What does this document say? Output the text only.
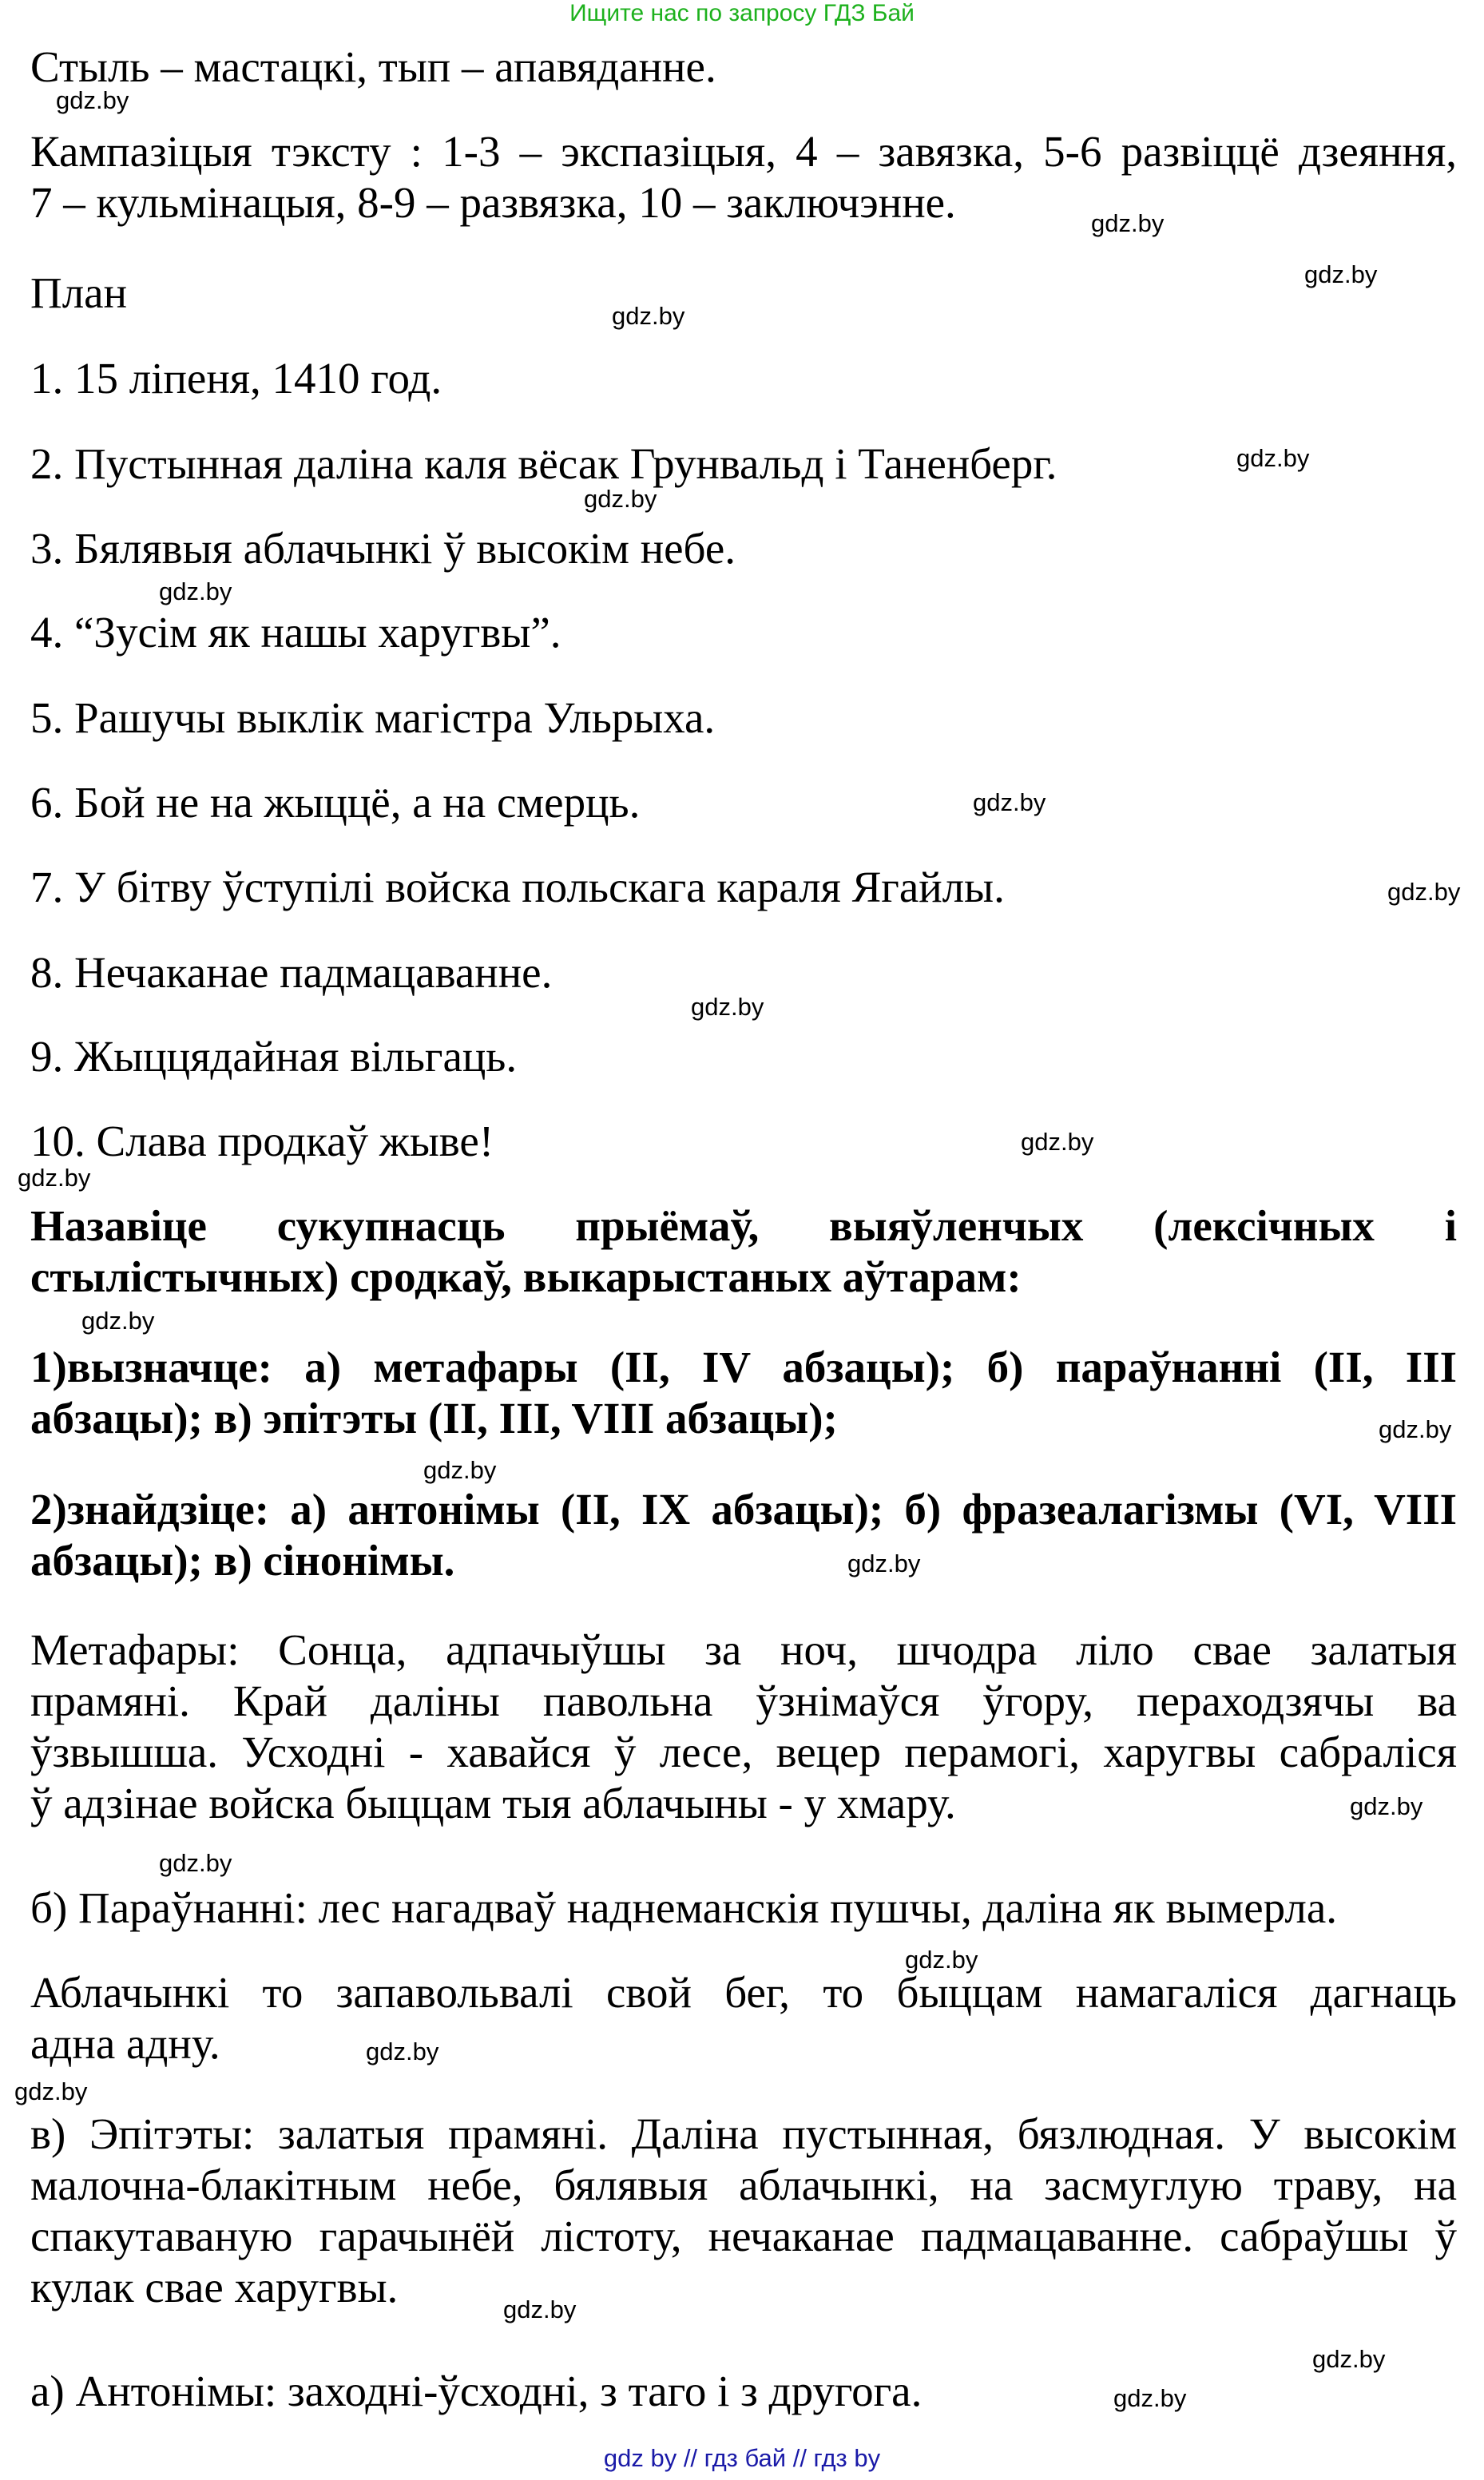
Ищите нас по запросу ГДЗ Бай
Стыль – мастацкі, тып – апавяданне.
Кампазіцыя тэксту : 1-3 – экспазіцыя, 4 – завязка, 5-6 развіццё дзеяння,
7 – кульмінацыя, 8-9 – развязка, 10 – заключэнне.
План
1. 15 ліпеня, 1410 год.
2. Пустынная даліна каля вёсак Грунвальд і Таненберг.
3. Бялявыя аблачынкі ў высокім небе.
4. “Зусім як нашы харугвы”.
5. Рашучы выклік магістра Ульрыха.
6. Бой не на жыццё, а на смерць.
7. У бітву ўступілі войска польскага караля Ягайлы.
8. Нечаканае падмацаванне.
9. Жыццядайная вільгаць.
10. Слава продкаў жыве!
Назавіце сукупнасць прыёмаў, выяўленчых (лексічных і
стылістычных) сродкаў, выкарыстаных аўтарам:
1)вызначце: а) метафары (II, IV абзацы); б) параўнанні (II, III
абзацы); в) эпітэты (II, III, VIII абзацы);
2)знайдзіце: а) антонімы (II, IX абзацы); б) фразеалагізмы (VI, VIII
абзацы); в) сінонімы.
Метафары: Сонца, адпачыўшы за ноч, шчодра ліло свае залатыя
прамяні. Край даліны павольна ўзнімаўся ўгору, пераходзячы ва
ўзвышша. Усходні - хавайся ў лесе, вецер перамогі, харугвы сабраліся
ў адзінае войска быццам тыя аблачыны - у хмару.
б) Параўнанні: лес нагадваў наднеманскія пушчы, даліна як вымерла.
Аблачынкі то запавольвалі свой бег, то быццам намагаліся дагнаць
адна адну.
в) Эпітэты: залатыя прамяні. Даліна пустынная, бязлюдная. У высокім
малочна-блакітным небе, бялявыя аблачынкі, на засмуглую траву, на
спакутаваную гарачынёй лістоту, нечаканае падмацаванне. сабраўшы ў
кулак свае харугвы.
а) Антонімы: заходні-ўсходні, з таго і з другога.
gdz.by
gdz.by
gdz.by
gdz.by
gdz.by
gdz.by
gdz.by
gdz.by
gdz.by
gdz.by
gdz.by
gdz.by
gdz.by
gdz.by
gdz.by
gdz.by
gdz.by
gdz.by
gdz.by
gdz.by
gdz.by
gdz.by
gdz.by
gdz.by
gdz by // гдз бай // гдз by
